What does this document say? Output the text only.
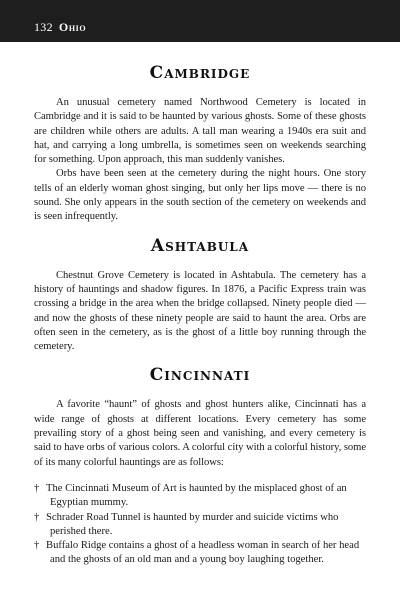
132 Ohio
Cambridge

An unusual cemetery named Northwood Cemetery is located in Cambridge and it is said to be haunted by various ghosts. Some of these ghosts are children while others are adults. A tall man wearing a 1940s era suit and hat, and carrying a long umbrella, is sometimes seen on weekends searching for something. Upon approach, this man suddenly vanishes.

Orbs have been seen at the cemetery during the night hours. One story tells of an elderly woman ghost singing, but only her lips move — there is no sound. She only appears in the south section of the cemetery on weekends and is seen infrequently.

Ashtabula

Chestnut Grove Cemetery is located in Ashtabula. The cemetery has a history of hauntings and shadow figures. In 1876, a Pacific Express train was crossing a bridge in the area when the bridge collapsed. Ninety people died — and now the ghosts of these ninety people are said to haunt the area. Orbs are often seen in the cemetery, as is the ghost of a little boy running through the cemetery.

Cincinnati

A favorite “haunt” of ghosts and ghost hunters alike, Cincinnati has a wide range of ghosts at different locations. Every cemetery has some prevailing story of a ghost being seen and vanishing, and every cemetery is said to have orbs of various colors. A colorful city with a colorful history, some of its many colorful hauntings are as follows:

† The Cincinnati Museum of Art is haunted by the misplaced ghost of an Egyptian mummy.
† Schrader Road Tunnel is haunted by murder and suicide victims who perished there.
† Buffalo Ridge contains a ghost of a headless woman in search of her head and the ghosts of an old man and a young boy laughing together.
